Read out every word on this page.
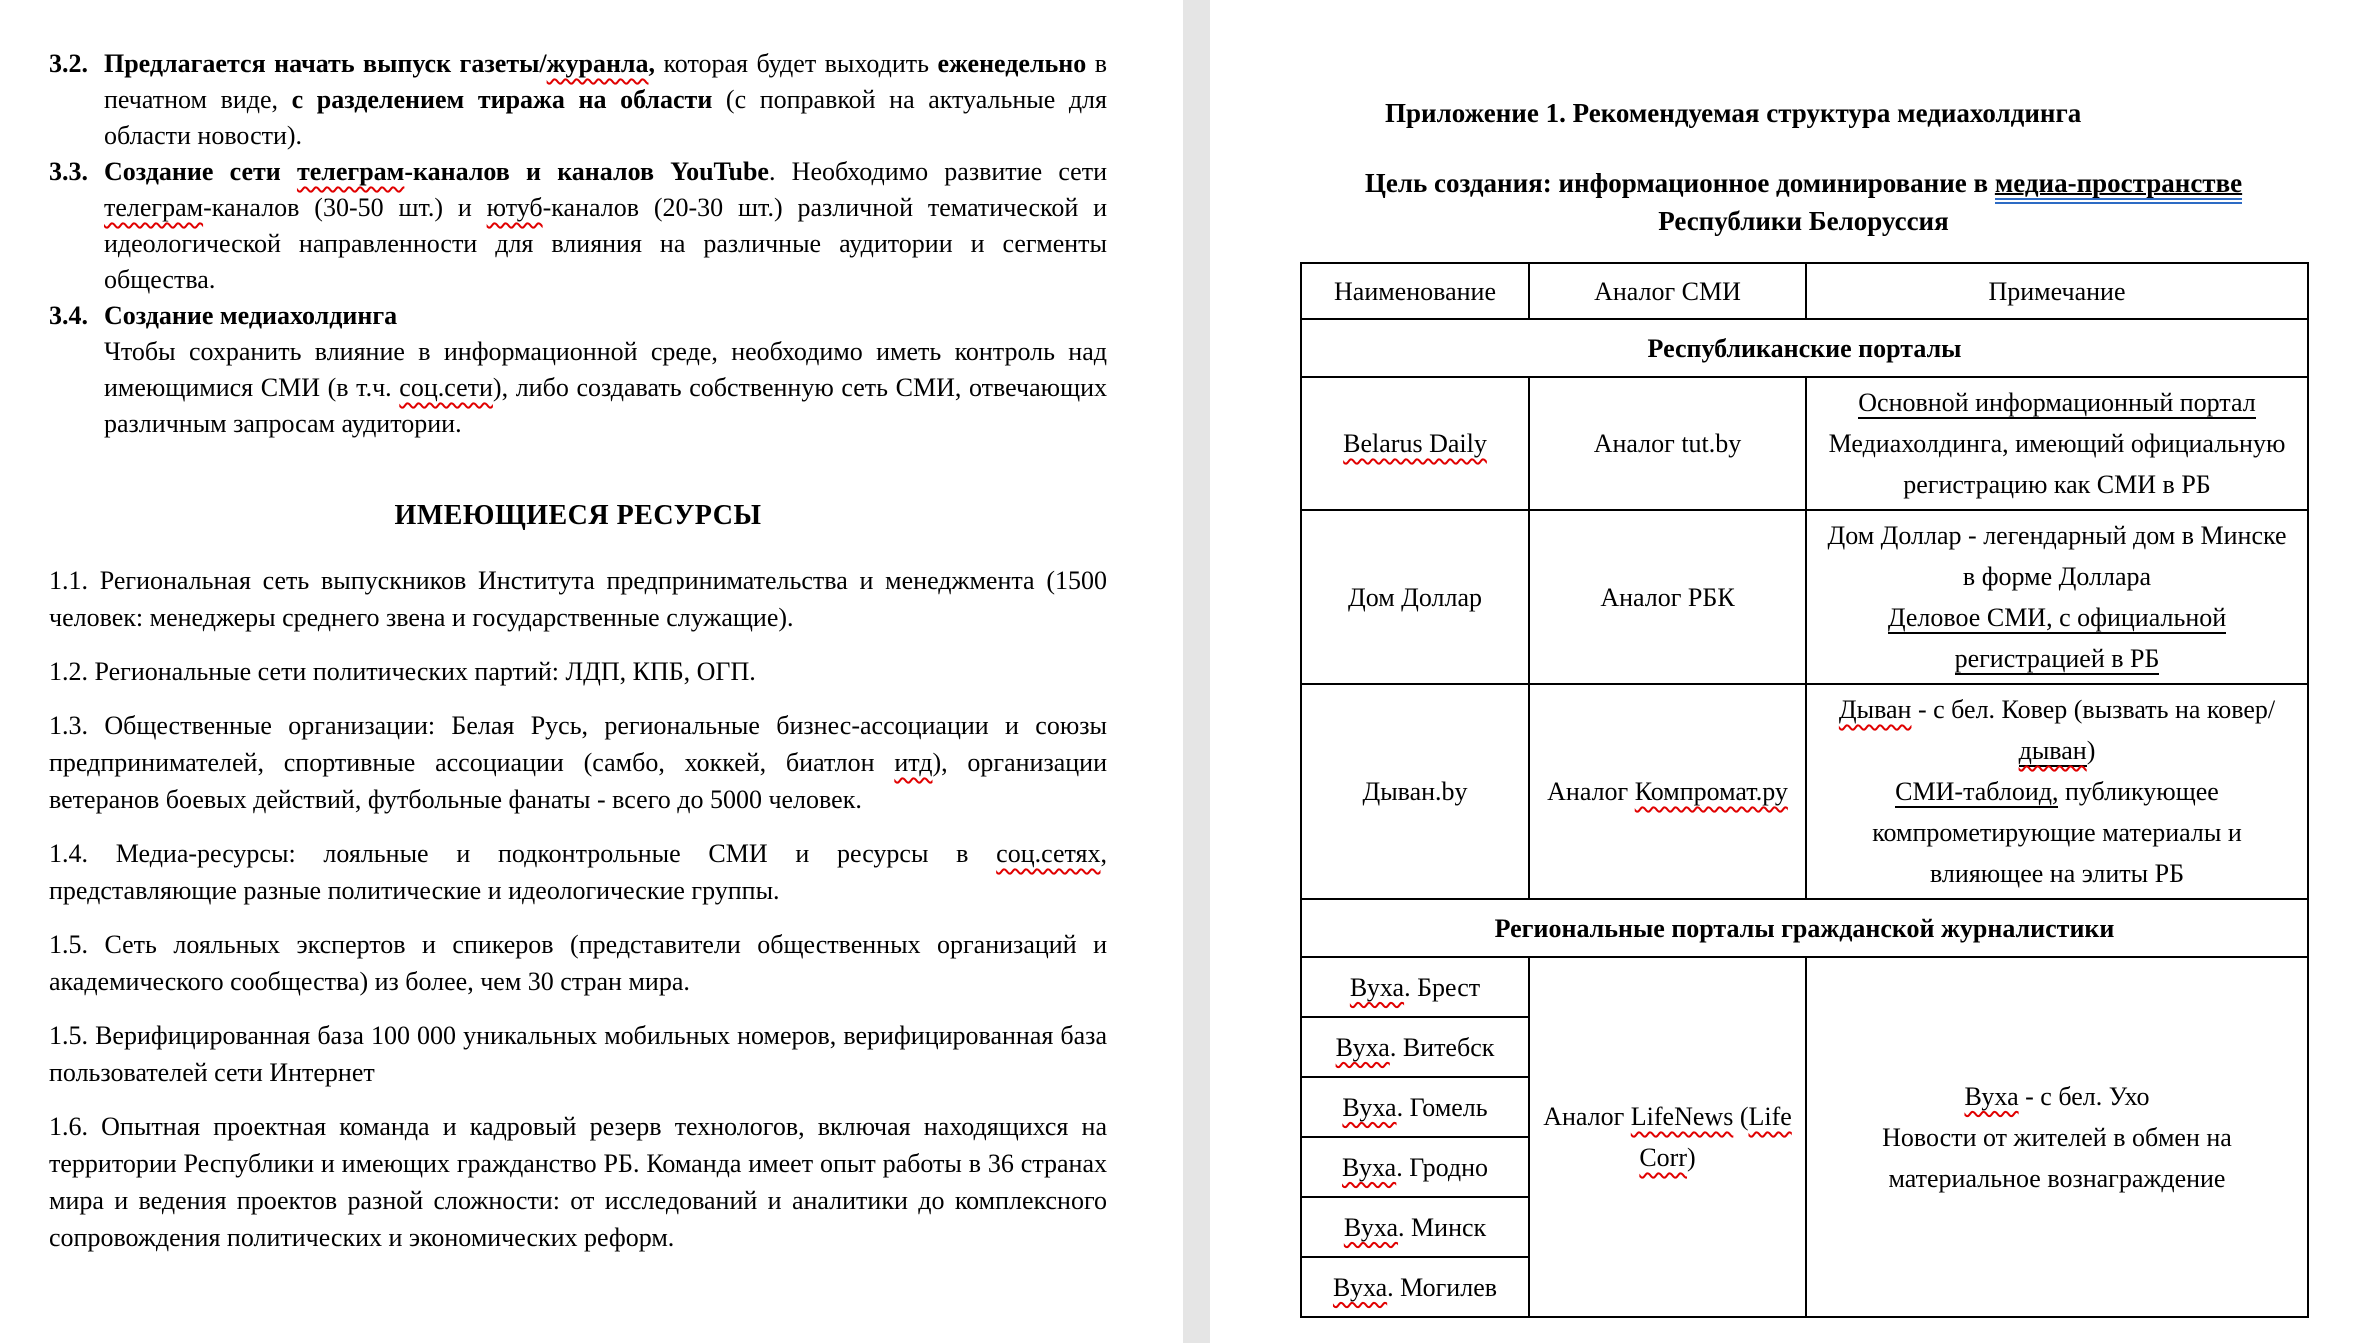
3.2. Предлагается начать выпуск газеты/журанла, которая будет выходить еженедельно в печатном виде, с разделением тиража на области (с поправкой на актуальные для области новости).
3.3. Создание сети телеграм-каналов и каналов YouTube. Необходимо развитие сети телеграм-каналов (30-50 шт.) и ютуб-каналов (20-30 шт.) различной тематической и идеологической направленности для влияния на различные аудитории и сегменты общества.
3.4. Создание медиахолдинга
Чтобы сохранить влияние в информационной среде, необходимо иметь контроль над имеющимися СМИ (в т.ч. соц.сети), либо создавать собственную сеть СМИ, отвечающих различным запросам аудитории.
ИМЕЮЩИЕСЯ РЕСУРСЫ
1.1. Региональная сеть выпускников Института предпринимательства и менеджмента (1500 человек: менеджеры среднего звена и государственные служащие).
1.2. Региональные сети политических партий: ЛДП, КПБ, ОГП.
1.3. Общественные организации: Белая Русь, региональные бизнес-ассоциации и союзы предпринимателей, спортивные ассоциации (самбо, хоккей, биатлон итд), организации ветеранов боевых действий, футбольные фанаты - всего до 5000 человек.
1.4. Медиа-ресурсы: лояльные и подконтрольные СМИ и ресурсы в соц.сетях, представляющие разные политические и идеологические группы.
1.5. Сеть лояльных экспертов и спикеров (представители общественных организаций и академического сообщества) из более, чем 30 стран мира.
1.5. Верифицированная база 100 000 уникальных мобильных номеров, верифицированная база пользователей сети Интернет
1.6. Опытная проектная команда и кадровый резерв технологов, включая находящихся на территории Республики и имеющих гражданство РБ. Команда имеет опыт работы в 36 странах мира и ведения проектов разной сложности: от исследований и аналитики до комплексного сопровождения политических и экономических реформ.
Приложение 1. Рекомендуемая структура медиахолдинга
Цель создания: информационное доминирование в медиа-пространстве
Республики Белоруссия
Наименование	Аналог СМИ	Примечание
Республиканские порталы		
Belarus Daily	Аналог tut.by	Основной информационный портал
Медиахолдинга, имеющий официальную регистрацию как СМИ в РБ
Дом Доллар	Аналог РБК	Дом Доллар - легендарный дом в Минске в форме Доллара
Деловое СМИ, с официальной регистрацией в РБ
Дыван.by	Аналог Компромат.ру	Дыван - с бел. Ковер (вызвать на ковер/дыван)
СМИ-таблоид, публикующее компрометирующие материалы и влияющее на элиты РБ
Региональные порталы гражданской журналистики		
Вуха. Брест	Аналог LifeNews (Life Corr)	Вуха - с бел. Ухо
Новости от жителей в обмен на материальное вознаграждение
Вуха. Витебск		
Вуха. Гомель		
Вуха. Гродно		
Вуха. Минск		
Вуха. Могилев		
